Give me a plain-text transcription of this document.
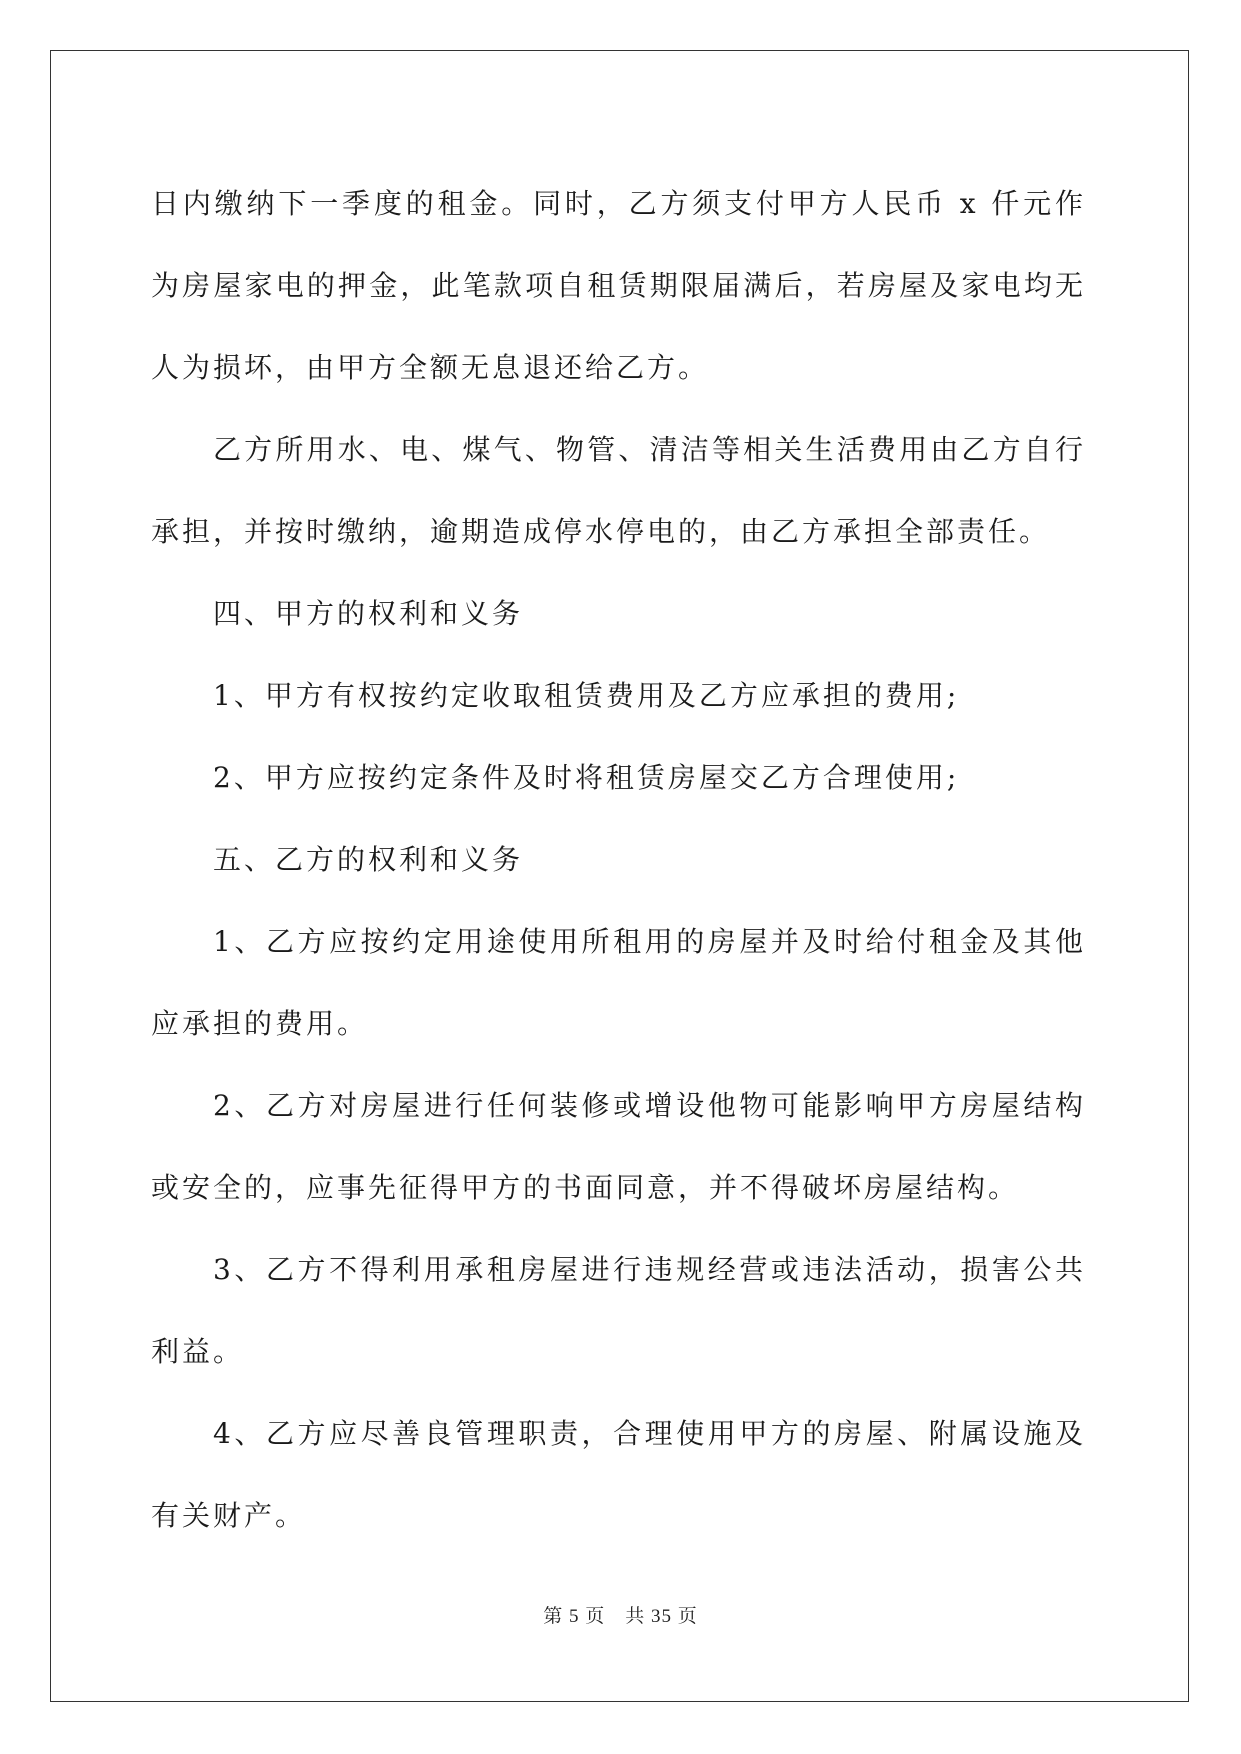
日内缴纳下一季度的租金。同时，乙方须支付甲方人民币 x 仟元作为房屋家电的押金，此笔款项自租赁期限届满后，若房屋及家电均无人为损坏，由甲方全额无息退还给乙方。

乙方所用水、电、煤气、物管、清洁等相关生活费用由乙方自行承担，并按时缴纳，逾期造成停水停电的，由乙方承担全部责任。

四、甲方的权利和义务

1、甲方有权按约定收取租赁费用及乙方应承担的费用;

2、甲方应按约定条件及时将租赁房屋交乙方合理使用;

五、乙方的权利和义务

1、乙方应按约定用途使用所租用的房屋并及时给付租金及其他应承担的费用。

2、乙方对房屋进行任何装修或增设他物可能影响甲方房屋结构或安全的，应事先征得甲方的书面同意，并不得破坏房屋结构。

3、乙方不得利用承租房屋进行违规经营或违法活动，损害公共利益。

4、乙方应尽善良管理职责，合理使用甲方的房屋、附属设施及有关财产。

第 5 页　共 35 页
